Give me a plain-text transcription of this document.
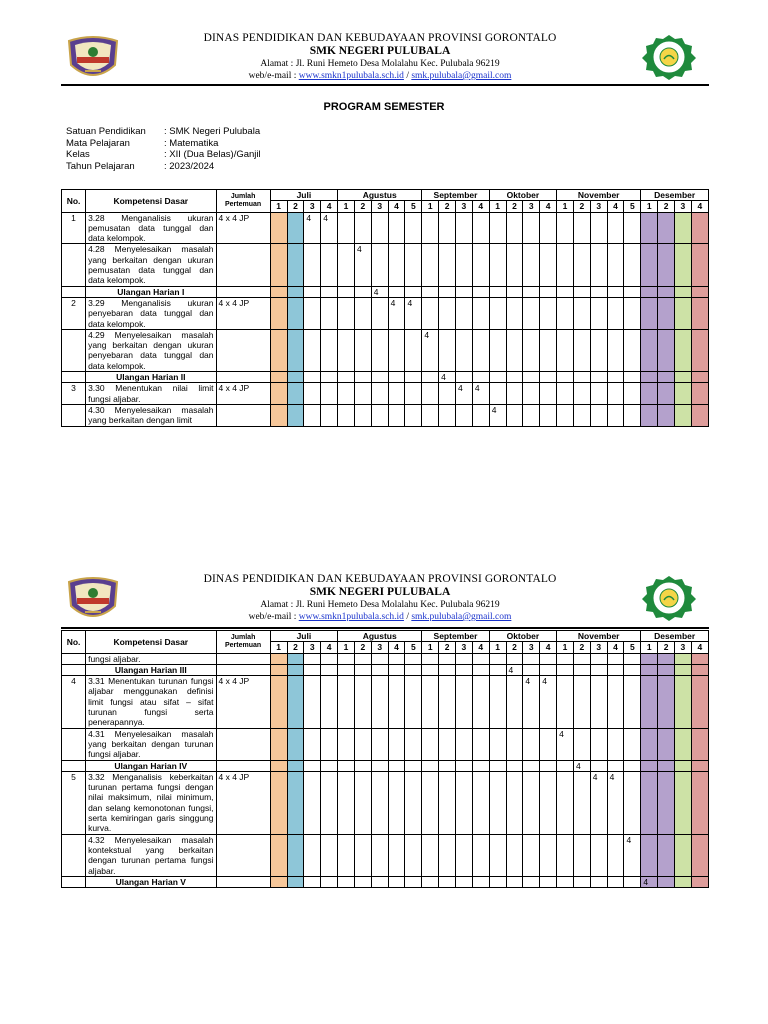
DINAS PENDIDIKAN DAN KEBUDAYAAN PROVINSI GORONTALO
SMK NEGERI PULUBALA
Alamat : Jl. Runi Hemeto Desa Molalahu Kec. Pulubala 96219
web/e-mail : www.smkn1pulubala.sch.id / smk.pulubala@gmail.com
PROGRAM SEMESTER
Satuan Pendidikan	: SMK Negeri Pulubala
Mata Pelajaran	: Matematika
Kelas	: XII (Dua Belas)/Ganjil
Tahun Pelajaran	: 2023/2024
No.	Kompetensi Dasar	Jumlah Pertemuan	Juli				Agustus					September				Oktober				November					Desember			
			1	2	3	4	1	2	3	4	5	1	2	3	4	1	2	3	4	1	2	3	4	5	1	2	3	4
1	3.28 Menganalisis ukuran pemusatan data tunggal dan data kelompok.	4 x 4 JP			4	4																						
	4.28 Menyelesaikan masalah yang berkaitan dengan ukuran pemusatan data tunggal dan data kelompok.							4																				
	Ulangan Harian I								4																			
2	3.29 Menganalisis ukuran penyebaran data tunggal dan data kelompok.	4 x 4 JP								4	4																	
	4.29 Menyelesaikan masalah yang berkaitan dengan ukuran penyebaran data tunggal dan data kelompok.											4																
	Ulangan Harian II												4															
3	3.30 Menentukan nilai limit fungsi aljabar.	4 x 4 JP												4	4													
	4.30 Menyelesaikan masalah yang berkaitan dengan limit															4												
DINAS PENDIDIKAN DAN KEBUDAYAAN PROVINSI GORONTALO
SMK NEGERI PULUBALA
Alamat : Jl. Runi Hemeto Desa Molalahu Kec. Pulubala 96219
web/e-mail : www.smkn1pulubala.sch.id / smk.pulubala@gmail.com
No.	Kompetensi Dasar	Jumlah Pertemuan	Juli				Agustus					September				Oktober				November					Desember			
			1	2	3	4	1	2	3	4	5	1	2	3	4	1	2	3	4	1	2	3	4	5	1	2	3	4
	fungsi aljabar.																											
	Ulangan Harian III																4											
4	3.31 Menentukan turunan fungsi aljabar menggunakan definisi limit fungsi atau sifat – sifat turunan fungsi serta penerapannya.	4 x 4 JP																4	4									
	4.31 Menyelesaikan masalah yang berkaitan dengan turunan fungsi aljabar.																			4								
	Ulangan Harian IV																				4							
5	3.32 Menganalisis keberkaitan turunan pertama fungsi dengan nilai maksimum, nilai minimum, dan selang kemonotonan fungsi, serta kemiringan garis singgung kurva.	4 x 4 JP																				4	4					
	4.32 Menyelesaikan masalah kontekstual yang berkaitan dengan turunan pertama fungsi aljabar.																							4				
	Ulangan Harian V																								4			
